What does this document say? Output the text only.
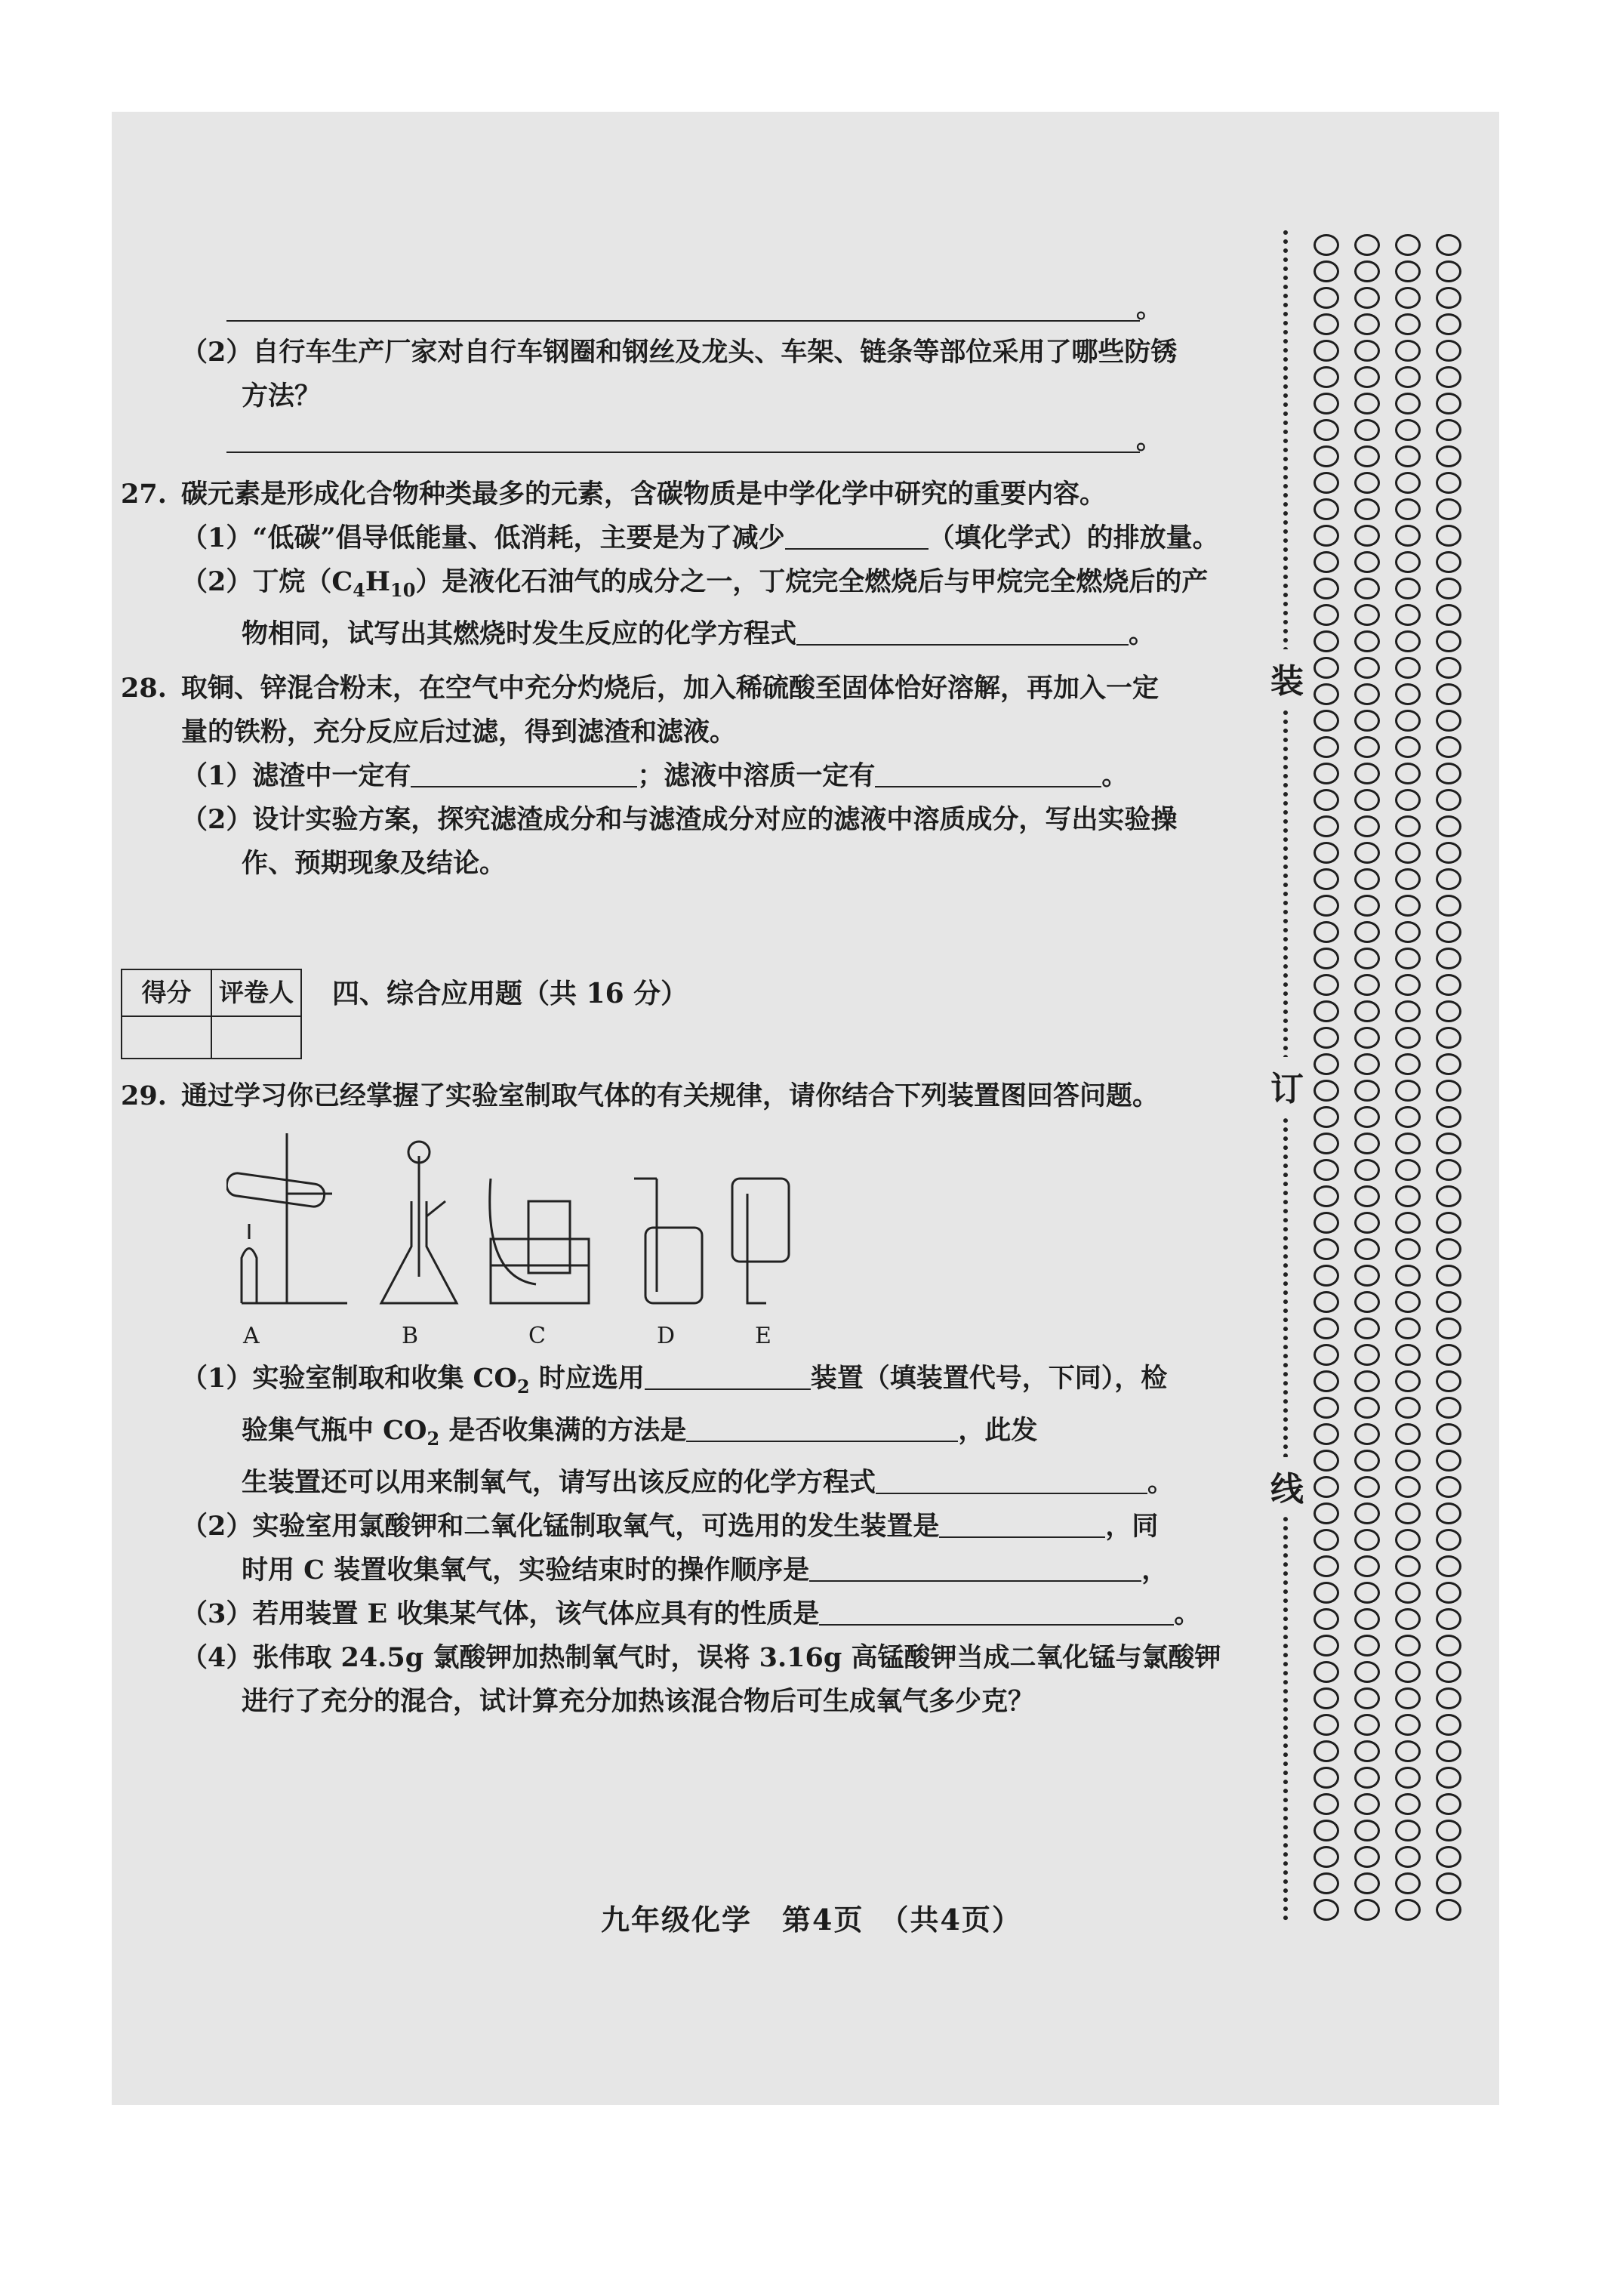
。
（2）自行车生产厂家对自行车钢圈和钢丝及龙头、车架、链条等部位采用了哪些防锈
方法？
。
27. 碳元素是形成化合物种类最多的元素，含碳物质是中学化学中研究的重要内容。
（1）“低碳”倡导低能量、低消耗，主要是为了减少	（填化学式）的排放量。
（2）丁烷$(C_4H_{10})$是液化石油气的成分之一，丁烷完全燃烧后与甲烷完全燃烧后的产
物相同，试写出其燃烧时发生反应的化学方程式	。
28. 取铜、锌混合粉末，在空气中充分灼烧后，加入稀硫酸至固体恰好溶解，再加入一定
量的铁粉，充分反应后过滤，得到滤渣和滤液。
（1）滤渣中一定有	；滤液中溶质一定有	。
（2）设计实验方案，探究滤渣成分和与滤渣成分对应的滤液中溶质成分，写出实验操
作、预期现象及结论。
得分	评卷人
	四、综合应用题（共 16 分）
29. 通过学习你已经掌握了实验室制取气体的有关规律，请你结合下列装置图回答问题。
A	B	C	D	E
（1）实验室制取和收集 $CO_2$ 时应选用	装置（填装置代号，下同），检
验集气瓶中 $CO_2$ 是否收集满的方法是	，此发
生装置还可以用来制氧气，请写出该反应的化学方程式	。
（2）实验室用氯酸钾和二氧化锰制取氧气，可选用的发生装置是	，同
时用 C 装置收集氧气，实验结束时的操作顺序是	，
（3）若用装置 E 收集某气体，该气体应具有的性质是	。
（4）张伟取 24.5g 氯酸钾加热制氧气时，误将 3.16g 高锰酸钾当成二氧化锰与氯酸钾
进行了充分的混合，试计算充分加热该混合物后可生成氧气多少克？
九年级化学　第4页　（共4页）
装
订
线
